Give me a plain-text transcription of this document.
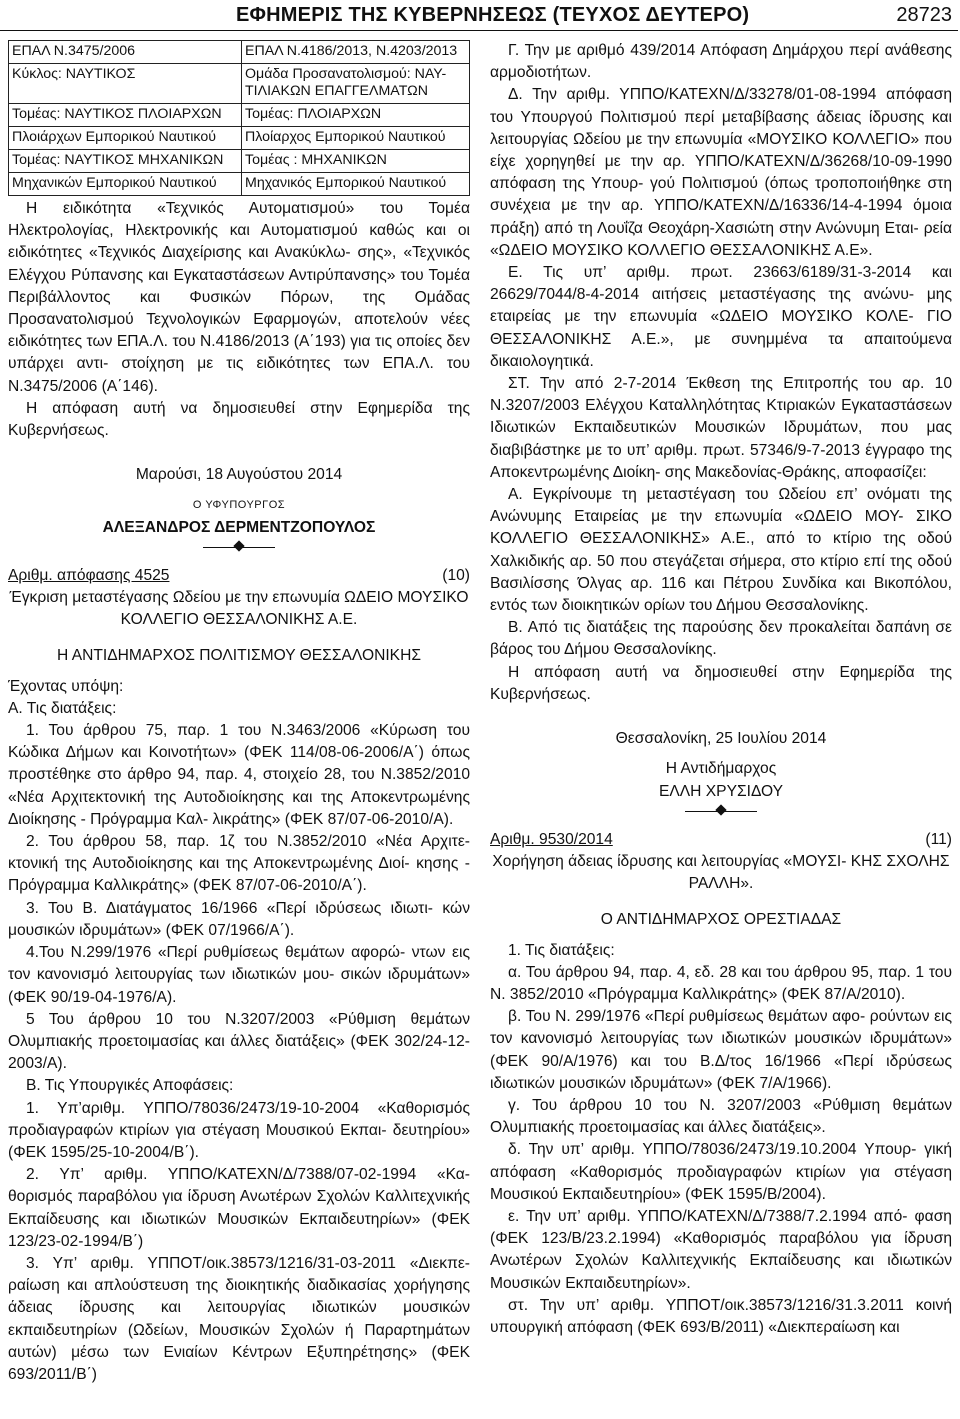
ΕΦΗΜΕΡΙΣ ΤΗΣ ΚΥΒΕΡΝΗΣΕΩΣ (ΤΕΥΧΟΣ ΔΕΥΤΕΡΟ)	28723
ΕΠΑΛ Ν.3475/2006	ΕΠΑΛ Ν.4186/2013, Ν.4203/2013
Κύκλος: ΝΑΥΤΙΚΟΣ	Ομάδα Προσανατολισμού: ΝΑΥ- ΤΙΛΙΑΚΩΝ ΕΠΑΓΓΕΛΜΑΤΩΝ
Τομέας: ΝΑΥΤΙΚΟΣ ΠΛΟΙΑΡΧΩΝ	Τομέας: ΠΛΟΙΑΡΧΩΝ
Πλοιάρχων Εμπορικού Ναυτικού	Πλοίαρχος Εμπορικού Ναυτικού
Τομέας: ΝΑΥΤΙΚΟΣ ΜΗΧΑΝΙΚΩΝ	Τομέας : ΜΗΧΑΝΙΚΩΝ
Μηχανικών Εμπορικού Ναυτικού	Μηχανικός Εμπορικού Ναυτικού

Η ειδικότητα «Τεχνικός Αυτοματισμού» του Τομέα Ηλεκτρολογίας, Ηλεκτρονικής και Αυτοματισμού καθώς και οι ειδικότητες «Τεχνικός Διαχείρισης και Ανακύκλω- σης», «Τεχνικός Ελέγχου Ρύπανσης και Εγκαταστάσεων Αντιρύπανσης» του Τομέα Περιβάλλοντος και Φυσικών Πόρων, της Ομάδας Προσανατολισμού Τεχνολογικών Εφαρμογών, αποτελούν νέες ειδικότητες των ΕΠΑ.Λ. του Ν.4186/2013 (Α΄193) για τις οποίες δεν υπάρχει αντι- στοίχηση με τις ειδικότητες των ΕΠΑ.Λ. του Ν.3475/2006 (Α΄146).

Η απόφαση αυτή να δημοσιευθεί στην Εφημερίδα της Κυβερνήσεως.

Μαρούσι, 18 Αυγούστου 2014

Ο ΥΦΥΠΟΥΡΓΟΣ

ΑΛΕΞΑΝΔΡΟΣ ΔΕΡΜΕΝΤΖΟΠΟΥΛΟΣ

Αριθμ. απόφασης 4525	(10)

Έγκριση μεταστέγασης Ωδείου με την επωνυμία ΩΔΕΙΟ ΜΟΥΣΙΚΟ ΚΟΛΛΕΓΙΟ ΘΕΣΣΑΛΟΝΙΚΗΣ Α.Ε.

Η ΑΝΤΙΔΗΜΑΡΧΟΣ ΠΟΛΙΤΙΣΜΟΥ ΘΕΣΣΑΛΟΝΙΚΗΣ

Έχοντας υπόψη:

Α. Τις διατάξεις:

1. Του άρθρου 75, παρ. 1 του Ν.3463/2006 «Κύρωση του Κώδικα Δήμων και Κοινοτήτων» (ΦΕΚ 114/08-06-2006/Α΄) όπως προστέθηκε στο άρθρο 94, παρ. 4, στοιχείο 28, του Ν.3852/2010 «Νέα Αρχιτεκτονική της Αυτοδιοίκησης και της Αποκεντρωμένης Διοίκησης - Πρόγραμμα Καλ- λικράτης» (ΦΕΚ 87/07-06-2010/Α).

2. Του άρθρου 58, παρ. 1ζ του Ν.3852/2010 «Νέα Αρχιτε- κτονική της Αυτοδιοίκησης και της Αποκεντρωμένης Διοί- κησης - Πρόγραμμα Καλλικράτης» (ΦΕΚ 87/07-06-2010/Α΄).

3. Του Β. Διατάγματος 16/1966 «Περί ιδρύσεως ιδιωτι- κών μουσικών ιδρυμάτων» (ΦΕΚ 07/1966/Α΄).

4.Του Ν.299/1976 «Περί ρυθμίσεως θεμάτων αφορώ- ντων εις τον κανονισμό λειτουργίας των ιδιωτικών μου- σικών ιδρυμάτων» (ΦΕΚ 90/19-04-1976/Α).

5 Του άρθρου 10 του Ν.3207/2003 «Ρύθμιση θεμάτων Ολυμπιακής προετοιμασίας και άλλες διατάξεις» (ΦΕΚ 302/24-12-2003/Α).

Β. Τις Υπουργικές Αποφάσεις:

1. Υπ’αριθμ. ΥΠΠΟ/78036/2473/19-10-2004 «Καθορισμός προδιαγραφών κτιρίων για στέγαση Μουσικού Εκπαι- δευτηρίου» (ΦΕΚ 1595/25-10-2004/Β΄).

2. Υπ’ αριθμ. ΥΠΠΟ/ΚΑΤΕΧΝ/Δ/7388/07-02-1994 «Κα- θορισμός παραβόλου για ίδρυση Ανωτέρων Σχολών Καλλιτεχνικής Εκπαίδευσης και ιδιωτικών Μουσικών Εκπαιδευτηρίων» (ΦΕΚ 123/23-02-1994/Β΄)

3. Υπ’ αριθμ. ΥΠΠΟΤ/οικ.38573/1216/31-03-2011 «Διεκπε- ραίωση και απλούστευση της διοικητικής διαδικασίας χορήγησης άδειας ίδρυσης και λειτουργίας ιδιωτικών μουσικών εκπαιδευτηρίων (Ωδείων, Μουσικών Σχολών ή Παραρτημάτων αυτών) μέσω των Ενιαίων Κέντρων Εξυπηρέτησης» (ΦΕΚ 693/2011/Β΄)

Γ. Την με αριθμό 439/2014 Απόφαση Δημάρχου περί ανάθεσης αρμοδιοτήτων.

Δ. Την αριθμ. ΥΠΠΟ/ΚΑΤΕΧΝ/Δ/33278/01-08-1994 απόφαση του Υπουργού Πολιτισμού περί μεταβίβασης άδειας ίδρυσης και λειτουργίας Ωδείου με την επωνυμία «ΜΟΥΣΙΚΟ ΚΟΛΛΕΓΙΟ» που είχε χορηγηθεί με την αρ. ΥΠΠΟ/ΚΑΤΕΧΝ/Δ/36268/10-09-1990 απόφαση της Υπουρ- γού Πολιτισμού (όπως τροποποιήθηκε στη συνέχεια με την αρ. ΥΠΠΟ/ΚΑΤΕΧΝ/Δ/16336/14-4-1994 όμοια πράξη) από τη Λουΐζα Θεοχάρη-Χασιώτη στην Ανώνυμη Εται- ρεία «ΩΔΕΙΟ ΜΟΥΣΙΚΟ ΚΟΛΛΕΓΙΟ ΘΕΣΣΑΛΟΝΙΚΗΣ Α.Ε».

Ε. Τις υπ’ αριθμ. πρωτ. 23663/6189/31-3-2014 και 26629/7044/8-4-2014 αιτήσεις μεταστέγασης της ανώνυ- μης εταιρείας με την επωνυμία «ΩΔΕΙΟ ΜΟΥΣΙΚΟ ΚΟΛΕ- ΓΙΟ ΘΕΣΣΑΛΟΝΙΚΗΣ Α.Ε.», με συνημμένα τα απαιτούμενα δικαιολογητικά.

ΣΤ. Την από 2-7-2014 Έκθεση της Επιτροπής του αρ. 10 Ν.3207/2003 Ελέγχου Καταλληλότητας Κτιριακών Εγκαταστάσεων Ιδιωτικών Εκπαιδευτικών Μουσικών Ιδρυμάτων, που μας διαβιβάστηκε με το υπ’ αριθμ. πρωτ. 57346/9-7-2013 έγγραφο της Αποκεντρωμένης Διοίκη- σης Μακεδονίας-Θράκης, αποφασίζει:

Α. Εγκρίνουμε τη μεταστέγαση του Ωδείου επ’ ονόματι της Ανώνυμης Εταιρείας με την επωνυμία «ΩΔΕΙΟ ΜΟΥ- ΣΙΚΟ ΚΟΛΛΕΓΙΟ ΘΕΣΣΑΛΟΝΙΚΗΣ» Α.Ε., από το κτίριο της οδού Χαλκιδικής αρ. 50 που στεγάζεται σήμερα, στο κτίριο επί της οδού Βασιλίσσης Όλγας αρ. 116 και Πέτρου Συνδίκα και Βικοπόλου, εντός των διοικητικών ορίων του Δήμου Θεσσαλονίκης.

Β. Από τις διατάξεις της παρούσης δεν προκαλείται δαπάνη σε βάρος του Δήμου Θεσσαλονίκης.

Η απόφαση αυτή να δημοσιευθεί στην Εφημερίδα της Κυβερνήσεως.

Θεσσαλονίκη, 25 Ιουλίου 2014

Η Αντιδήμαρχος

ΕΛΛΗ ΧΡΥΣΙΔΟΥ

Αριθμ. 9530/2014	(11)

Χορήγηση άδειας ίδρυσης και λειτουργίας «ΜΟΥΣΙ- ΚΗΣ ΣΧΟΛΗΣ ΡΑΛΛΗ».

Ο ΑΝΤΙΔΗΜΑΡΧΟΣ ΟΡΕΣΤΙΑΔΑΣ

1. Τις διατάξεις:

α. Του άρθρου 94, παρ. 4, εδ. 28 και του άρθρου 95, παρ. 1 του Ν. 3852/2010 «Πρόγραμμα Καλλικράτης» (ΦΕΚ 87/Α/2010).

β. Του Ν. 299/1976 «Περί ρυθμίσεως θεμάτων αφο- ρούντων εις τον κανονισμό λειτουργίας των ιδιωτικών μουσικών ιδρυμάτων» (ΦΕΚ 90/Α/1976) και του Β.Δ/τος 16/1966 «Περί ιδρύσεως ιδιωτικών μουσικών ιδρυμάτων» (ΦΕΚ 7/Α/1966).

γ. Του άρθρου 10 του Ν. 3207/2003 «Ρύθμιση θεμάτων Ολυμπιακής προετοιμασίας και άλλες διατάξεις».

δ. Την υπ’ αριθμ. ΥΠΠΟ/78036/2473/19.10.2004 Υπουρ- γική απόφαση «Καθορισμός προδιαγραφών κτιρίων για στέγαση Μουσικού Εκπαιδευτηρίου» (ΦΕΚ 1595/Β/2004).

ε. Την υπ’ αριθμ. ΥΠΠΟ/ΚΑΤΕΧΝ/Δ/7388/7.2.1994 από- φαση (ΦΕΚ 123/Β/23.2.1994) «Καθορισμός παραβόλου για ίδρυση Ανωτέρων Σχολών Καλλιτεχνικής Εκπαίδευσης και ιδιωτικών Μουσικών Εκπαιδευτηρίων».

στ. Την υπ’ αριθμ. ΥΠΠΟΤ/οικ.38573/1216/31.3.2011 κοινή υπουργική απόφαση (ΦΕΚ 693/Β/2011) «Διεκπεραίωση και
